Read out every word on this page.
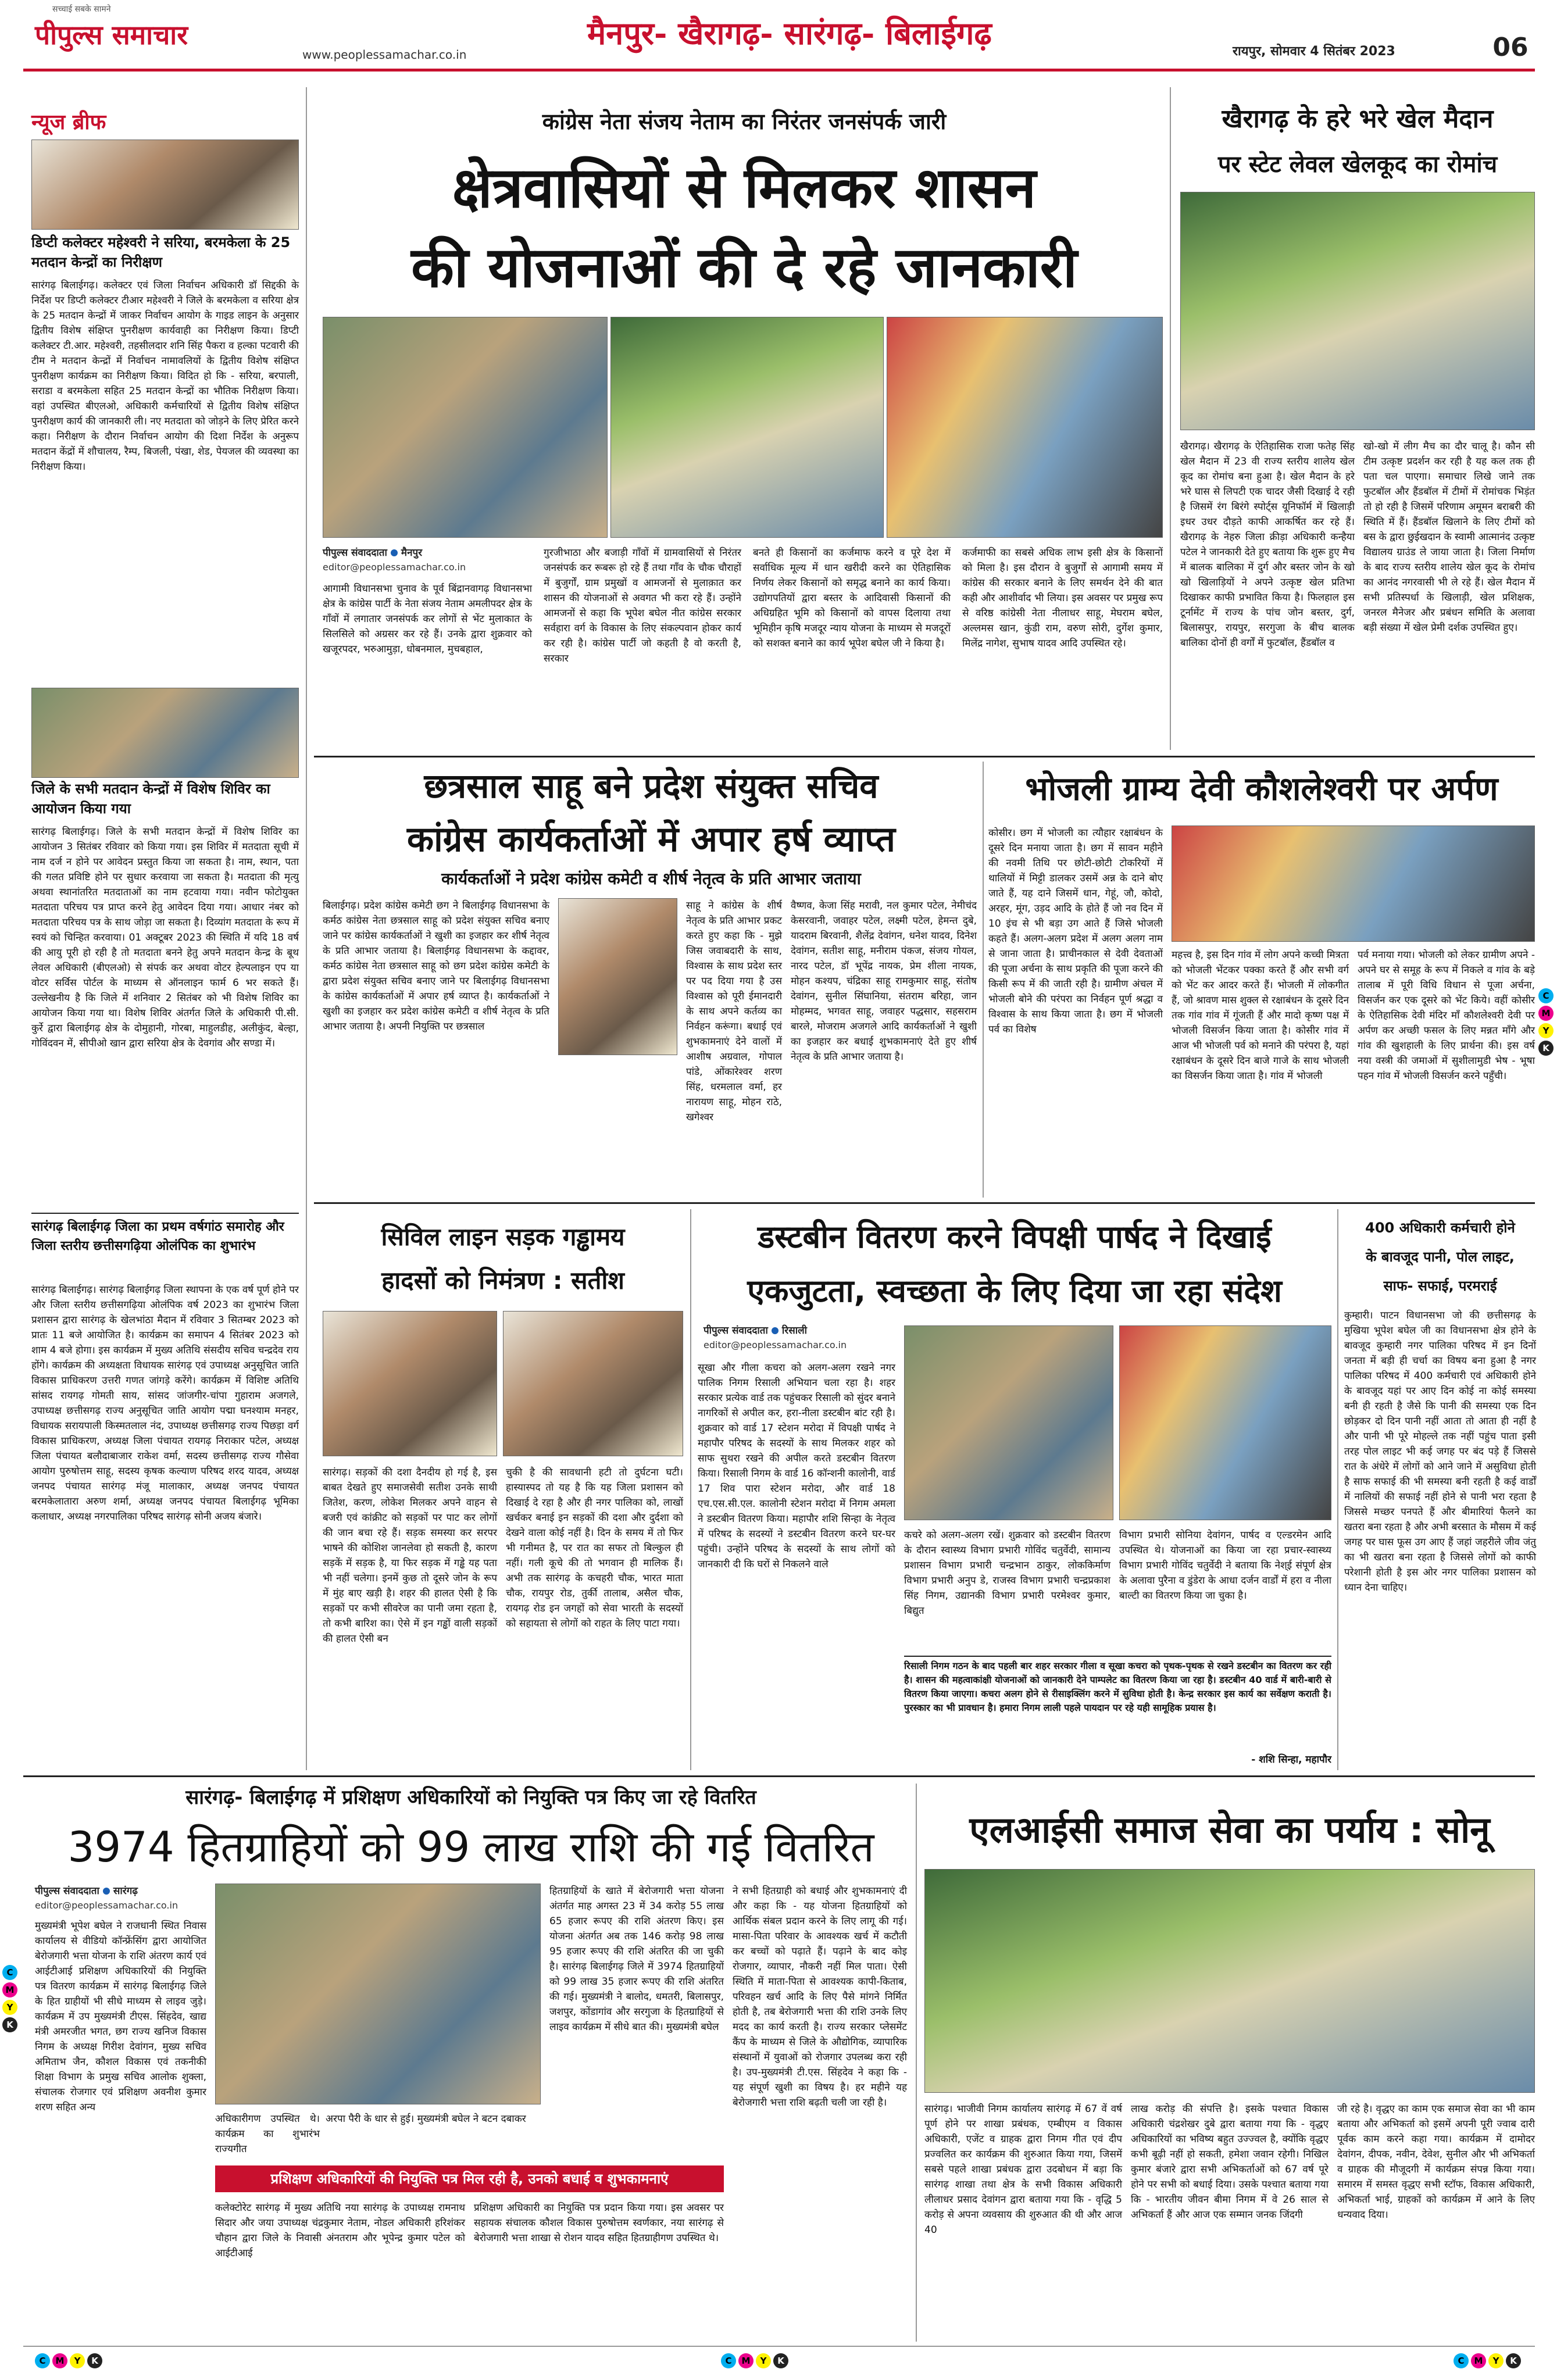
पीपुल्स समाचार
सच्चाई सबके सामने
www.peoplessamachar.co.in
मैनपुर- खैरागढ़- सारंगढ़- बिलाईगढ़	रायपुर, सोमवार 4 सितंबर 2023	06
न्यूज ब्रीफ
डिप्टी कलेक्टर महेश्वरी ने सरिया, बरमकेला के 25 मतदान केन्द्रों का निरीक्षण
सारंगढ़ बिलाईगढ़। कलेक्टर एवं जिला निर्वाचन अधिकारी डॉ सिद्दकी के निर्देश पर डिप्टी कलेक्टर टीआर महेश्वरी ने जिले के बरमकेला व सरिया क्षेत्र के 25 मतदान केन्द्रों में जाकर निर्वाचन आयोग के गाइड लाइन के अनुसार द्वितीय विशेष संक्षिप्त पुनरीक्षण कार्यवाही का निरीक्षण किया। डिप्टी कलेक्टर टी.आर. महेश्वरी, तहसीलदार शनि सिंह पैकरा व हल्का पटवारी की टीम ने मतदान केन्द्रों में निर्वाचन नामावलियों के द्वितीय विशेष संक्षिप्त पुनरीक्षण कार्यक्रम का निरीक्षण किया। विदित हो कि - सरिया, बरपाली, सराडा व बरमकेला सहित 25 मतदान केन्द्रों का भौतिक निरीक्षण किया। वहां उपस्थित बीएलओ, अधिकारी कर्मचारियों से द्वितीय विशेष संक्षिप्त पुनरीक्षण कार्य की जानकारी ली। नए मतदाता को जोड़ने के लिए प्रेरित करने कहा। निरीक्षण के दौरान निर्वाचन आयोग की दिशा निर्देश के अनुरूप मतदान केंद्रों में शौचालय, रैम्प, बिजली, पंखा, शेड, पेयजल की व्यवस्था का निरीक्षण किया।
जिले के सभी मतदान केन्द्रों में विशेष शिविर का आयोजन किया गया
सारंगढ़ बिलाईगढ़। जिले के सभी मतदान केन्द्रों में विशेष शिविर का आयोजन 3 सितंबर रविवार को किया गया। इस शिविर में मतदाता सूची में नाम दर्ज न होने पर आवेदन प्रस्तुत किया जा सकता है। नाम, स्थान, पता की गलत प्रविष्टि होने पर सुधार करवाया जा सकता है। मतदाता की मृत्यु अथवा स्थानांतरित मतदाताओं का नाम हटवाया गया। नवीन फोटोयुक्त मतदाता परिचय पत्र प्राप्त करने हेतु आवेदन दिया गया। आधार नंबर को मतदाता परिचय पत्र के साथ जोड़ा जा सकता है। दिव्यांग मतदाता के रूप में स्वयं को चिन्हित करवाया। 01 अक्टूबर 2023 की स्थिति में यदि 18 वर्ष की आयु पूरी हो रही है तो मतदाता बनने हेतु अपने मतदान केन्द्र के बूथ लेवल अधिकारी (बीएलओ) से संपर्क कर अथवा वोटर हेल्पलाइन एप या वोटर सर्विस पोर्टल के माध्यम से ऑनलाइन फार्म 6 भर सकते हैं। उल्लेखनीय है कि जिले में शनिवार 2 सितंबर को भी विशेष शिविर का आयोजन किया गया था। विशेष शिविर अंतर्गत जिले के अधिकारी पी.सी. कुर्रे द्वारा बिलाईगढ़ क्षेत्र के दोमुहानी, गोरबा, माहुलडीह, अलीकुंद, बेल्हा, गोविंदवन में, सीपीओ खान द्वारा सरिया क्षेत्र के देवगांव और सण्डा में।
सारंगढ़ बिलाईगढ़ जिला का प्रथम वर्षगांठ समारोह और जिला स्तरीय छत्तीसगढ़िया ओलंपिक का शुभारंभ
सारंगढ़ बिलाईगढ़। सारंगढ़ बिलाईगढ़ जिला स्थापना के एक वर्ष पूर्ण होने पर और जिला स्तरीय छत्तीसगढ़िया ओलंपिक वर्ष 2023 का शुभारंभ जिला प्रशासन द्वारा सारंगढ़ के खेलभांठा मैदान में रविवार 3 सितम्बर 2023 को प्रातः 11 बजे आयोजित है। कार्यक्रम का समापन 4 सितंबर 2023 को शाम 4 बजे होगा। इस कार्यक्रम में मुख्य अतिथि संसदीय सचिव चन्द्रदेव राय होंगे। कार्यक्रम की अध्यक्षता विधायक सारंगढ़ एवं उपाध्यक्ष अनुसूचित जाति विकास प्राधिकरण उत्तरी गणत जांगड़े करेंगे। कार्यक्रम में विशिष्ट अतिथि सांसद रायगढ़ गोमती साय, सांसद जांजगीर-चांपा गुहाराम अजगले, उपाध्यक्ष छत्तीसगढ़ राज्य अनुसूचित जाति आयोग पद्मा घनश्याम मनहर, विधायक सरायपाली किस्मतलाल नंद, उपाध्यक्ष छत्तीसगढ़ राज्य पिछड़ा वर्ग विकास प्राधिकरण, अध्यक्ष जिला पंचायत रायगढ़ निराकार पटेल, अध्यक्ष जिला पंचायत बलौदाबाजार राकेश वर्मा, सदस्य छत्तीसगढ़ राज्य गौसेवा आयोग पुरुषोत्तम साहू, सदस्य कृषक कल्याण परिषद शरद यादव, अध्यक्ष जनपद पंचायत सारंगढ़ मंजू मालाकार, अध्यक्ष जनपद पंचायत बरमकेलातारा अरुण शर्मा, अध्यक्ष जनपद पंचायत बिलाईगढ़ भूमिका कलाधार, अध्यक्ष नगरपालिका परिषद सारंगढ़ सोनी अजय बंजारे।
कांग्रेस नेता संजय नेताम का निरंतर जनसंपर्क जारी
क्षेत्रवासियों से मिलकर शासन
की योजनाओं की दे रहे जानकारी
पीपुल्स संवाददाता मैनपुर
editor@peoplessamachar.co.in
आगामी विधानसभा चुनाव के पूर्व बिंद्रानवागढ़ विधानसभा क्षेत्र के कांग्रेस पार्टी के नेता संजय नेताम अमलीपदर क्षेत्र के गाँवों में लगातार जनसंपर्क कर लोगों से भेंट मुलाकात के सिलसिले को अग्रसर कर रहे हैं। उनके द्वारा शुक्रवार को खजूरपदर, भरुआमुड़ा, धोबनमाल, मुचबहाल,
गुरजीभाठा और बजाड़ी गाँवों में ग्रामवासियों से निरंतर जनसंपर्क कर रूबरू हो रहे हैं तथा गाँव के चौक चौराहों में बुजुर्गों, ग्राम प्रमुखों व आमजनों से मुलाक़ात कर शासन की योजनाओं से अवगत भी करा रहे हैं। उन्होंने आमजनों से कहा कि भूपेश बघेल नीत कांग्रेस सरकार सर्वहारा वर्ग के विकास के लिए संकल्पवान होकर कार्य कर रही है। कांग्रेस पार्टी जो कहती है वो करती है, सरकार
बनते ही किसानों का कर्जमाफ करने व पूरे देश में सर्वाधिक मूल्य में धान खरीदी करने का ऐतिहासिक निर्णय लेकर किसानों को समृद्ध बनाने का कार्य किया। उद्योगपतियों द्वारा बस्तर के आदिवासी किसानों की अधिग्रहित भूमि को किसानों को वापस दिलाया तथा भूमिहीन कृषि मजदूर न्याय योजना के माध्यम से मजदूरों को सशक्त बनाने का कार्य भूपेश बघेल जी ने किया है।
कर्जमाफी का सबसे अधिक लाभ इसी क्षेत्र के किसानों को मिला है। इस दौरान वे बुजुर्गों से आगामी समय में कांग्रेस की सरकार बनाने के लिए समर्थन देने की बात कही और आशीर्वाद भी लिया। इस अवसर पर प्रमुख रूप से वरिष्ठ कांग्रेसी नेता नीलाधर साहू, मेघराम बघेल, अल्लमस खान, कुंडी राम, वरुण सोरी, दुर्गेश कुमार, मिलेंद्र नागेश, सुभाष यादव आदि उपस्थित रहे।
खैरागढ़ के हरे भरे खेल मैदान
पर स्टेट लेवल खेलकूद का रोमांच
खैरागढ़। खैरागढ़ के ऐतिहासिक राजा फतेह सिंह खेल मैदान में 23 वी राज्य स्तरीय शालेय खेल कूद का रोमांच बना हुआ है। खेल मैदान के हरे भरे घास से लिपटी एक चादर जैसी दिखाई दे रही है जिसमें रंग बिरंगे स्पोर्ट्स यूनिफॉर्म में खिलाड़ी इधर उधर दौड़ते काफी आकर्षित कर रहे हैं। खैरागढ़ के नेहरु जिला क्रीड़ा अधिकारी कन्हैया पटेल ने जानकारी देते हुए बताया कि शुरू हुए मैच में बालक बालिका में दुर्ग और बस्तर जोन के खो खो खिलाड़ियों ने अपने उत्कृष्ट खेल प्रतिभा दिखाकर काफी प्रभावित किया है। फिलहाल इस टूर्नामेंट में राज्य के पांच जोन बस्तर, दुर्ग, बिलासपुर, रायपुर, सरगुजा के बीच बालक बालिका दोनों ही वर्गों में फुटबॉल, हैंडबॉल व
खो-खो में लीग मैच का दौर चालू है। कौन सी टीम उत्कृष्ट प्रदर्शन कर रही है यह कल तक ही पता चल पाएगा। समाचार लिखे जाने तक फुटबॉल और हैंडबॉल में टीमों में रोमांचक भिड़ंत तो हो रही है जिसमें परिणाम अमूमन बराबरी की स्थिति में हैं। हैंडबॉल खिलाने के लिए टीमों को बस के द्वारा छुईखदान के स्वामी आत्मानंद उत्कृष्ट विद्यालय ग्राउंड ले जाया जाता है। जिला निर्माण के बाद राज्य स्तरीय शालेय खेल कूद के रोमांच का आनंद नगरवासी भी ले रहे हैं। खेल मैदान में सभी प्रतिस्पर्धा के खिलाड़ी, खेल प्रशिक्षक, जनरल मैनेजर और प्रबंधन समिति के अलावा बड़ी संख्या में खेल प्रेमी दर्शक उपस्थित हुए।
छत्रसाल साहू बने प्रदेश संयुक्त सचिव
कांग्रेस कार्यकर्ताओं में अपार हर्ष व्याप्त
कार्यकर्ताओं ने प्रदेश कांग्रेस कमेटी व शीर्ष नेतृत्व के प्रति आभार जताया
बिलाईगढ़। प्रदेश कांग्रेस कमेटी छग ने बिलाईगढ़ विधानसभा के कर्मठ कांग्रेस नेता छत्रसाल साहू को प्रदेश संयुक्त सचिव बनाए जाने पर कांग्रेस कार्यकर्ताओं ने खुशी का इजहार कर शीर्ष नेतृत्व के प्रति आभार जताया है। बिलाईगढ़ विधानसभा के कद्दावर, कर्मठ कांग्रेस नेता छत्रसाल साहू को छग प्रदेश कांग्रेस कमेटी के द्वारा प्रदेश संयुक्त सचिव बनाए जाने पर बिलाईगढ़ विधानसभा के कांग्रेस कार्यकर्ताओं में अपार हर्ष व्याप्त है। कार्यकर्ताओं ने खुशी का इजहार कर प्रदेश कांग्रेस कमेटी व शीर्ष नेतृत्व के प्रति आभार जताया है। अपनी नियुक्ति पर छत्रसाल
साहू ने कांग्रेस के शीर्ष नेतृत्व के प्रति आभार प्रकट करते हुए कहा कि - मुझे जिस जवाबदारी के साथ, विश्वास के साथ प्रदेश स्तर पर पद दिया गया है उस विश्वास को पूरी ईमानदारी के साथ अपने कर्तव्य का निर्वहन करूंगा। बधाई एवं शुभकामनाएं देने वालों में आशीष अग्रवाल, गोपाल पांडे, ओंकारेश्वर शरण सिंह, धरमलाल वर्मा, हर नारायण साहू, मोहन राठे, खगेश्वर
वैष्णव, केजा सिंह मरावी, नल कुमार पटेल, नेमीचंद केसरवानी, जवाहर पटेल, लक्ष्मी पटेल, हेमन्त दुबे, यादराम बिरवानी, शैलेंद्र देवांगन, धनेश यादव, दिनेश देवांगन, सतीश साहू, मनीराम पंकज, संजय गोयल, नारद पटेल, डॉ भूपेंद्र नायक, प्रेम शीला नायक, मोहन कश्यप, चंद्रिका साहू रामकुमार साहू, संतोष देवांगन, सुनील सिंघानिया, संतराम बरिहा, जान मोहम्मद, भगवत साहू, जवाहर पद्धसार, सहसराम बारले, मोजराम अजगले आदि कार्यकर्ताओं ने खुशी का इजहार कर बधाई शुभकामनाएं देते हुए शीर्ष नेतृत्व के प्रति आभार जताया है।
भोजली ग्राम्य देवी कौशलेश्वरी पर अर्पण
कोसीर। छग में भोजली का त्यौहार रक्षाबंधन के दूसरे दिन मनाया जाता है। छग में सावन महीने की नवमी तिथि पर छोटी-छोटी टोकरियों में थालियों में मिट्टी डालकर उसमें अन्न के दाने बोए जाते हैं, यह दाने जिसमें धान, गेहूं, जौ, कोदो, अरहर, मूंग, उड़द आदि के होते हैं जो नव दिन में 10 इंच से भी बड़ा उग आते हैं जिसे भोजली कहते हैं। अलग-अलग प्रदेश में अलग अलग नाम से जाना जाता है। प्राचीनकाल से देवी देवताओं की पूजा अर्चना के साथ प्रकृति की पूजा करने की किसी रूप में की जाती रही है। ग्रामीण अंचल में भोजली बोने की परंपरा का निर्वहन पूर्ण श्रद्धा व विश्वास के साथ किया जाता है। छग में भोजली पर्व का विशेष
महत्त्व है, इस दिन गांव में लोग अपने कच्ची मित्रता को भोजली भेंटकर पक्का करते हैं और सभी वर्ग को भेंट कर आदर करते हैं। भोजली में लोकगीत हैं, जो श्रावण मास शुक्ल से रक्षाबंधन के दूसरे दिन तक गांव गांव में गूंजती हैं और मादो कृष्ण पक्ष में भोजली विसर्जन किया जाता है। कोसीर गांव में आज भी भोजली पर्व को मनाने की परंपरा है, यहां रक्षाबंधन के दूसरे दिन बाजे गाजे के साथ भोजली का विसर्जन किया जाता है। गांव में भोजली
पर्व मनाया गया। भोजली को लेकर ग्रामीण अपने - अपने घर से समूह के रूप में निकले व गांव के बड़े तालाब में पूरी विधि विधान से पूजा अर्चना, विसर्जन कर एक दूसरे को भेंट किये। वहीं कोसीर के ऐतिहासिक देवी मंदिर माँ कौशलेश्वरी देवी पर अर्पण कर अच्छी फसल के लिए मन्नत माँगे और गांव की खुशहाली के लिए प्रार्थना की। इस वर्ष नया वस्त्री की जमाओं में सुशीलामुडी भेष - भूषा पहन गांव में भोजली विसर्जन करने पहुँची।
C
M
Y
K
सिविल लाइन सड़क गड्ढामय
हादसों को निमंत्रण : सतीश
सारंगढ़। सड़कों की दशा दैनदीय हो गई है, इस बाबत देखते हुए समाजसेवी सतीश उनके साथी जितेश, करण, लोकेश मिलकर अपने वाहन से बजरी एवं कांक्रीट को सड़कों पर पाट कर लोगों की जान बचा रहे हैं। सड़क समस्या कर सरपर भाषने की कोशिश जानलेवा हो सकती है, कारण सड़कें में सड़क है, या फिर सड़क में गड्ढे यह पता भी नहीं चलेगा। इनमें कुछ तो दूसरे जोन के रूप में मुंह बाए खड़ी है। शहर की हालत ऐसी है कि सड़कों पर कभी सीवरेज का पानी जमा रहता है, तो कभी बारिश का। ऐसे में इन गड्ढों वाली सड़कों की हालत ऐसी बन
चुकी है की सावधानी हटी तो दुर्घटना घटी। हास्यास्पद तो यह है कि यह जिला प्रशासन को दिखाई दे रहा है और ही नगर पालिका को, लाखों खर्चकर बनाई इन सड़कों की दशा और दुर्दशा को देखने वाला कोई नहीं है। दिन के समय में तो फिर भी गनीमत है, पर रात का सफर तो बिल्कुल ही नहीं। गली कूचे की तो भगवान ही मालिक हैं। अभी तक सारंगढ़ के कचहरी चौक, भारत माता चौक, रायपुर रोड, तुर्की तालाब, असैल चौक, रायगढ़ रोड इन जगहों को सेवा भारती के सदस्यों को सहायता से लोगों को राहत के लिए पाटा गया।
डस्टबीन वितरण करने विपक्षी पार्षद ने दिखाई
एकजुटता, स्वच्छता के लिए दिया जा रहा संदेश
पीपुल्स संवाददाता रिसाली
editor@peoplessamachar.co.in
सूखा और गीला कचरा को अलग-अलग रखने नगर पालिक निगम रिसाली अभियान चला रहा है। शहर सरकार प्रत्येक वार्ड तक पहुंचकर रिसाली को सुंदर बनाने नागरिकों से अपील कर, हरा-नीला डस्टबीन बांट रही है। शुक्रवार को वार्ड 17 स्टेशन मरोदा में विपक्षी पार्षद ने महापौर परिषद के सदस्यों के साथ मिलकर शहर को साफ सुथरा रखने की अपील करते डस्टबीन वितरण किया। रिसाली निगम के वार्ड 16 कॉन्शनी कालोनी, वार्ड 17 शिव पारा स्टेशन मरोदा, और वार्ड 18 एच.एस.सी.एल. कालोनी स्टेशन मरोदा में निगम अमला ने डस्टबीन वितरण किया। महापौर शशि सिन्हा के नेतृत्व में परिषद के सदस्यों ने डस्टबीन वितरण करने घर-घर पहुंची। उन्होंने परिषद के सदस्यों के साथ लोगों को जानकारी दी कि घरों से निकलने वाले
कचरे को अलग-अलग रखें। शुक्रवार को डस्टबीन वितरण के दौरान स्वास्थ्य विभाग प्रभारी गोविंद चतुर्वेदी, सामान्य प्रशासन विभाग प्रभारी चन्द्रभान ठाकुर, लोककिर्माण विभाग प्रभारी अनुप डे, राजस्व विभाग प्रभारी चन्द्रप्रकाश सिंह निगम, उद्यानकी विभाग प्रभारी परमेश्वर कुमार, बिद्युत
विभाग प्रभारी सोनिया देवांगन, पार्षद व एल्डरमेन आदि उपस्थित थे। योजनाओं का किया जा रहा प्रचार-स्वास्थ्य विभाग प्रभारी गोविंद चतुर्वेदी ने बताया कि नेश्ई संपूर्ण क्षेत्र के अलावा पुरैना व डुंडेरा के आधा दर्जन वार्डों में हरा व नीला बाल्टी का वितरण किया जा चुका है।
रिसाली निगम गठन के बाद पहली बार शहर सरकार गीला व सूखा कचरा को पृथक-पृथक से रखने डस्टबीन का वितरण कर रही है। शासन की महत्वाकांक्षी योजनाओं को जानकारी देने पाम्पलेट का वितरण किया जा रहा है। डस्टबीन 40 वार्ड में बारी-बारी से वितरण किया जाएगा। कचरा अलग होने से रीसाइक्लिंग करने में सुविधा होती है। केन्द्र सरकार इस कार्य का सर्वेक्षण कराती है। पुरस्कार का भी प्रावधान है। हमारा निगम लाली पहले पायदान पर रहे यही सामूहिक प्रयास है।
- शशि सिन्हा, महापौर
400 अधिकारी कर्मचारी होने
के बावजूद पानी, पोल लाइट,
साफ- सफाई, परमराई
कुम्हारी। पाटन विधानसभा जो की छत्तीसगढ़ के मुखिया भूपेश बघेल जी का विधानसभा क्षेत्र होने के बावजूद कुम्हारी नगर पालिका परिषद में इन दिनों जनता में बड़ी ही चर्चा का विषय बना हुआ है नगर पालिका परिषद में 400 कर्मचारी एवं अधिकारी होने के बावजूद यहां पर आए दिन कोई ना कोई समस्या बनी ही रहती है जैसे कि पानी की समस्या एक दिन छोड़कर दो दिन पानी नहीं आता तो आता ही नहीं है और पानी भी पूरे मोहल्ले तक नहीं पहुंच पाता इसी तरह पोल लाइट भी कई जगह पर बंद पड़े हैं जिससे रात के अंधेरे में लोगों को आने जाने में असुविधा होती है साफ सफाई की भी समस्या बनी रहती है कई वार्डों में नालियों की सफाई नहीं होने से पानी भरा रहता है जिससे मच्छर पनपते हैं और बीमारियां फैलने का खतरा बना रहता है और अभी बरसात के मौसम में कई जगह पर घास फूस उग आए हैं जहां जहरीले जीव जंतु का भी खतरा बना रहता है जिससे लोगों को काफी परेशानी होती है इस ओर नगर पालिका प्रशासन को ध्यान देना चाहिए।
सारंगढ़- बिलाईगढ़ में प्रशिक्षण अधिकारियों को नियुक्ति पत्र किए जा रहे वितरित
3974 हितग्राहियों को 99 लाख राशि की गई वितरित
पीपुल्स संवाददाता सारंगढ़
editor@peoplessamachar.co.in
मुख्यमंत्री भूपेश बघेल ने राजधानी स्थित निवास कार्यालय से वीडियो कॉन्फ्रेंसिंग द्वारा आयोजित बेरोजगारी भत्ता योजना के राशि अंतरण कार्य एवं आईटीआई प्रशिक्षण अधिकारियों की नियुक्ति पत्र वितरण कार्यक्रम में सारंगढ़ बिलाईगढ़ जिले के हित ग्राहीयाें भी सीधे माध्यम से लाइव जुड़े। कार्यक्रम में उप मुख्यमंत्री टीएस. सिंहदेव, खाद्य मंत्री अमरजीत भगत, छग राज्य खनिज विकास निगम के अध्यक्ष गिरीश देवांगन, मुख्य सचिव अमिताभ जैन, कौशल विकास एवं तकनीकी शिक्षा विभाग के प्रमुख सचिव आलोक शुक्ला, संचालक रोजगार एवं प्रशिक्षण अवनीश कुमार शरण सहित अन्य
अधिकारीगण उपस्थित थे। कार्यक्रम का शुभारंभ राज्यगीत
अरपा पैरी के धार से हुई। मुख्यमंत्री बघेल ने बटन दबाकर
हितग्राहियों के खाते में बेरोजगारी भत्ता योजना अंतर्गत माह अगस्त 23 में 34 करोड़ 55 लाख 65 हजार रूपए की राशि अंतरण किए। इस योजना अंतर्गत अब तक 146 करोड़ 98 लाख 95 हजार रूपए की राशि अंतरित की जा चुकी है। सारंगढ़ बिलाईगढ़ जिले में 3974 हितग्राहियों को 99 लाख 35 हजार रूपए की राशि अंतरित की गई। मुख्यमंत्री ने बालोद, धमतरी, बिलासपुर, जशपुर, कोंडागांव और सरगुजा के हितग्राहियों से लाइव कार्यक्रम में सीधे बात की। मुख्यमंत्री बघेल
ने सभी हितग्राही को बधाई और शुभकामनाएं दी और कहा कि - यह योजना हितग्राहियों को आर्थिक संबल प्रदान करने के लिए लागू की गई। मासा-पिता परिवार के आवश्यक खर्च में कटौती कर बच्चों को पढ़ाते हैं। पढ़ाने के बाद कोइ रोजगार, व्यापार, नौकरी नहीं मिल पाता। ऐसी स्थिति में माता-पिता से आवश्यक कापी-किताब, परिवहन खर्च आदि के लिए पैसे मांगने निर्मित होती है, तब बेरोजगारी भत्ता की राशि उनके लिए मदद का कार्य करती है। राज्य सरकार प्लेसमेंट कैंप के माध्यम से जिले के औद्योगिक, व्यापारिक संस्थानों में युवाओं को रोजगार उपलब्ध करा रही है। उप-मुख्यमंत्री टी.एस. सिंहदेव ने कहा कि - यह संपूर्ण खुशी का विषय है। हर महीने यह बेरोजगारी भत्ता राशि बढ़ती चली जा रही है।
प्रशिक्षण अधिकारियों की नियुक्ति पत्र मिल रही है, उनको बधाई व शुभकामनाएं
कलेक्टोरेट सारंगढ़ में मुख्य अतिथि नया सारंगढ़ के उपाध्यक्ष रामनाथ सिदार और जया उपाध्यक्ष चंद्रकुमार नेताम, नोडल अधिकारी हरिशंकर चौहान द्वारा जिले के निवासी अंनतराम और भूपेन्द्र कुमार पटेल को आईटीआई
प्रशिक्षण अधिकारी का नियुक्ति पत्र प्रदान किया गया। इस अवसर पर सहायक संचालक कौशल विकास पुरुषोत्तम स्वर्णकार, नया सारंगढ़ से बेरोजगारी भत्ता शाखा से रोशन यादव सहित हितग्राहीगण उपस्थित थे।
C
M
Y
K
एलआईसी समाज सेवा का पर्याय : सोनू
सारंगढ़। भाजीवी निगम कार्यालय सारंगढ़ में 67 वें वर्ष पूर्ण होने पर शाखा प्रबंधक, एम्बीएम व विकास अधिकारी, एजेंट व ग्राहक द्वारा निगम गीत एवं दीप प्रज्वलित कर कार्यक्रम की शुरुआत किया गया, जिसमें सबसे पहले शाखा प्रबंधक द्वारा उदबोधन में बड़ा कि सारंगढ़ शाखा तथा क्षेत्र के सभी विकास अधिकारी लीलाधर प्रसाद देवांगन द्वारा बताया गया कि - वृद्धि 5 करोड़ से अपना व्यवसाय की शुरुआत की थी और आज 40
लाख करोड़ की संपत्ति है। इसके पश्चात विकास अधिकारी चंद्रशेखर दुबे द्वारा बताया गया कि - वृद्धए अधिकारियों का भविष्य बहुत उज्ज्वल है, क्योंकि वृद्धए कभी बूढ़ी नहीं हो सकती, हमेशा जवान रहेगी। निखिल कुमार बंजारे द्वारा सभी अभिकर्ताओं को 67 वर्ष पूरे होने पर सभी को बधाई दिया। उसके पश्चात बताया गया कि - भारतीय जीवन बीमा निगम में वे 26 साल से अभिकर्ता हैं और आज एक सम्मान जनक जिंदगी
जी रहे है। वृद्धए का काम एक समाज सेवा का भी काम बताया और अभिकर्ता को इसमें अपनी पूरी ज्वाब दारी पूर्वक काम करने कहा गया। कार्यक्रम में दामोदर देवांगन, दीपक, नवीन, देवेश, सुनील और भी अभिकर्ता व ग्राहक की मौजूदगी में कार्यक्रम संपन्न किया गया। समारम में समस्त वृद्धए सभी स्टॉफ, विकास अधिकारी, अभिकर्ता भाई, ग्राहकों को कार्यक्रम में आने के लिए धन्यवाद दिया।
C	M	Y	K	C	M	Y	K	C	M	Y	K
